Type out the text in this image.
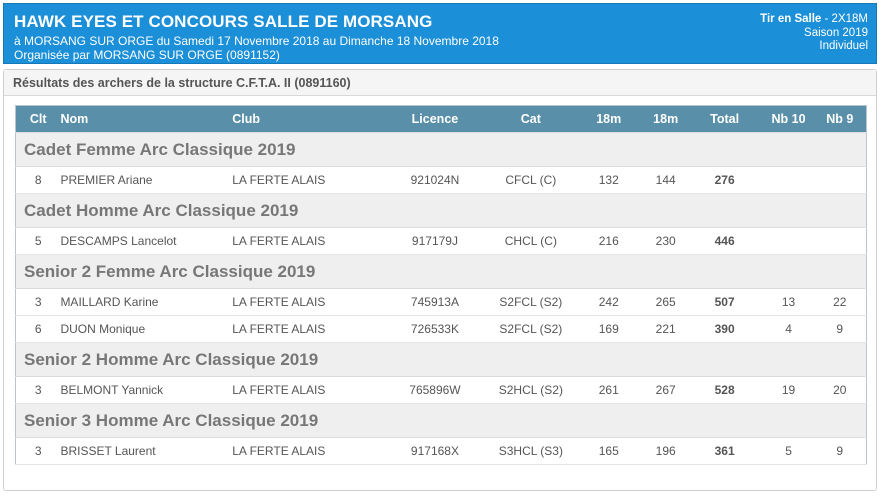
HAWK EYES ET CONCOURS SALLE DE MORSANG
à MORSANG SUR ORGE du Samedi 17 Novembre 2018 au Dimanche 18 Novembre 2018
Organisée par MORSANG SUR ORGE (0891152)
Tir en Salle - 2X18M
Saison 2019
Individuel
Résultats des archers de la structure C.F.T.A. II (0891160)
Clt	Nom	Club	Licence	Cat	18m	18m	Total	Nb 10	Nb 9
Cadet Femme Arc Classique 2019									
8	PREMIER Ariane	LA FERTE ALAIS	921024N	CFCL (C)	132	144	276		
Cadet Homme Arc Classique 2019									
5	DESCAMPS Lancelot	LA FERTE ALAIS	917179J	CHCL (C)	216	230	446		
Senior 2 Femme Arc Classique 2019									
3	MAILLARD Karine	LA FERTE ALAIS	745913A	S2FCL (S2)	242	265	507	13	22
6	DUON Monique	LA FERTE ALAIS	726533K	S2FCL (S2)	169	221	390	4	9
Senior 2 Homme Arc Classique 2019									
3	BELMONT Yannick	LA FERTE ALAIS	765896W	S2HCL (S2)	261	267	528	19	20
Senior 3 Homme Arc Classique 2019									
3	BRISSET Laurent	LA FERTE ALAIS	917168X	S3HCL (S3)	165	196	361	5	9
